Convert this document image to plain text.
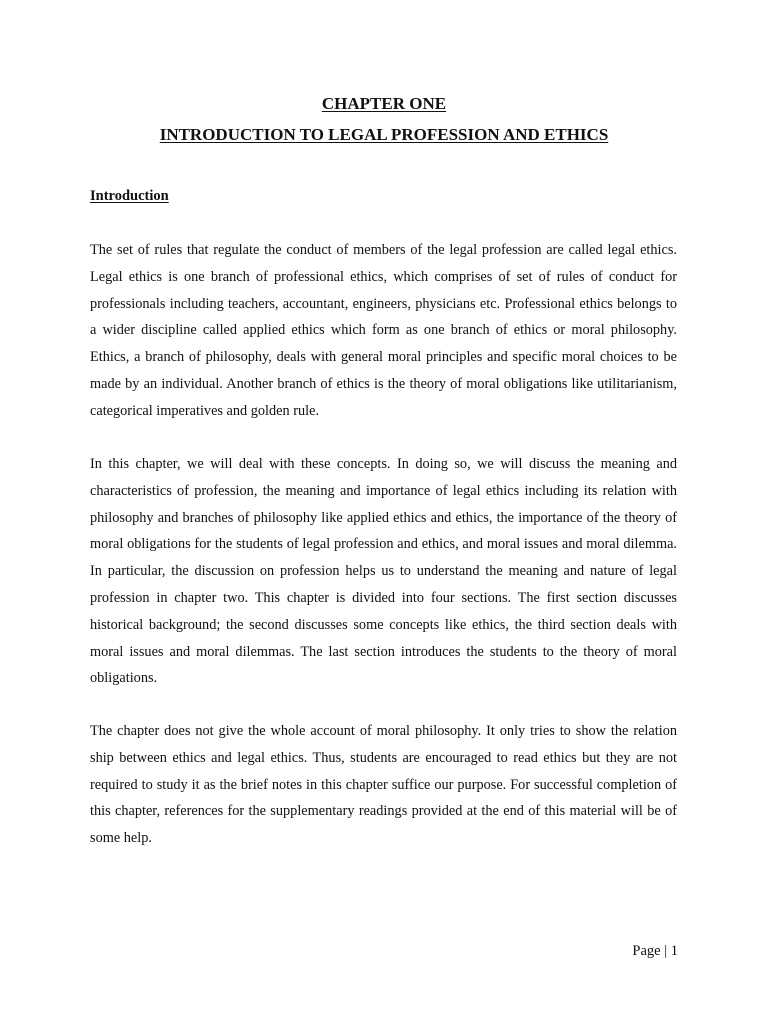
CHAPTER ONE
INTRODUCTION TO LEGAL PROFESSION AND ETHICS
Introduction

The set of rules that regulate the conduct of members of the legal profession are called legal ethics. Legal ethics is one branch of professional ethics, which comprises of set of rules of conduct for professionals including teachers, accountant, engineers, physicians etc. Professional ethics belongs to a wider discipline called applied ethics which form as one branch of ethics or moral philosophy. Ethics, a branch of philosophy, deals with general moral principles and specific moral choices to be made by an individual. Another branch of ethics is the theory of moral obligations like utilitarianism, categorical imperatives and golden rule.

In this chapter, we will deal with these concepts. In doing so, we will discuss the meaning and characteristics of profession, the meaning and importance of legal ethics including its relation with philosophy and branches of philosophy like applied ethics and ethics, the importance of the theory of moral obligations for the students of legal profession and ethics, and moral issues and moral dilemma. In particular, the discussion on profession helps us to understand the meaning and nature of legal profession in chapter two. This chapter is divided into four sections. The first section discusses historical background; the second discusses some concepts like ethics, the third section deals with moral issues and moral dilemmas. The last section introduces the students to the theory of moral obligations.

The chapter does not give the whole account of moral philosophy. It only tries to show the relation ship between ethics and legal ethics. Thus, students are encouraged to read ethics but they are not required to study it as the brief notes in this chapter suffice our purpose. For successful completion of this chapter, references for the supplementary readings provided at the end of this material will be of some help.

Page | 1
